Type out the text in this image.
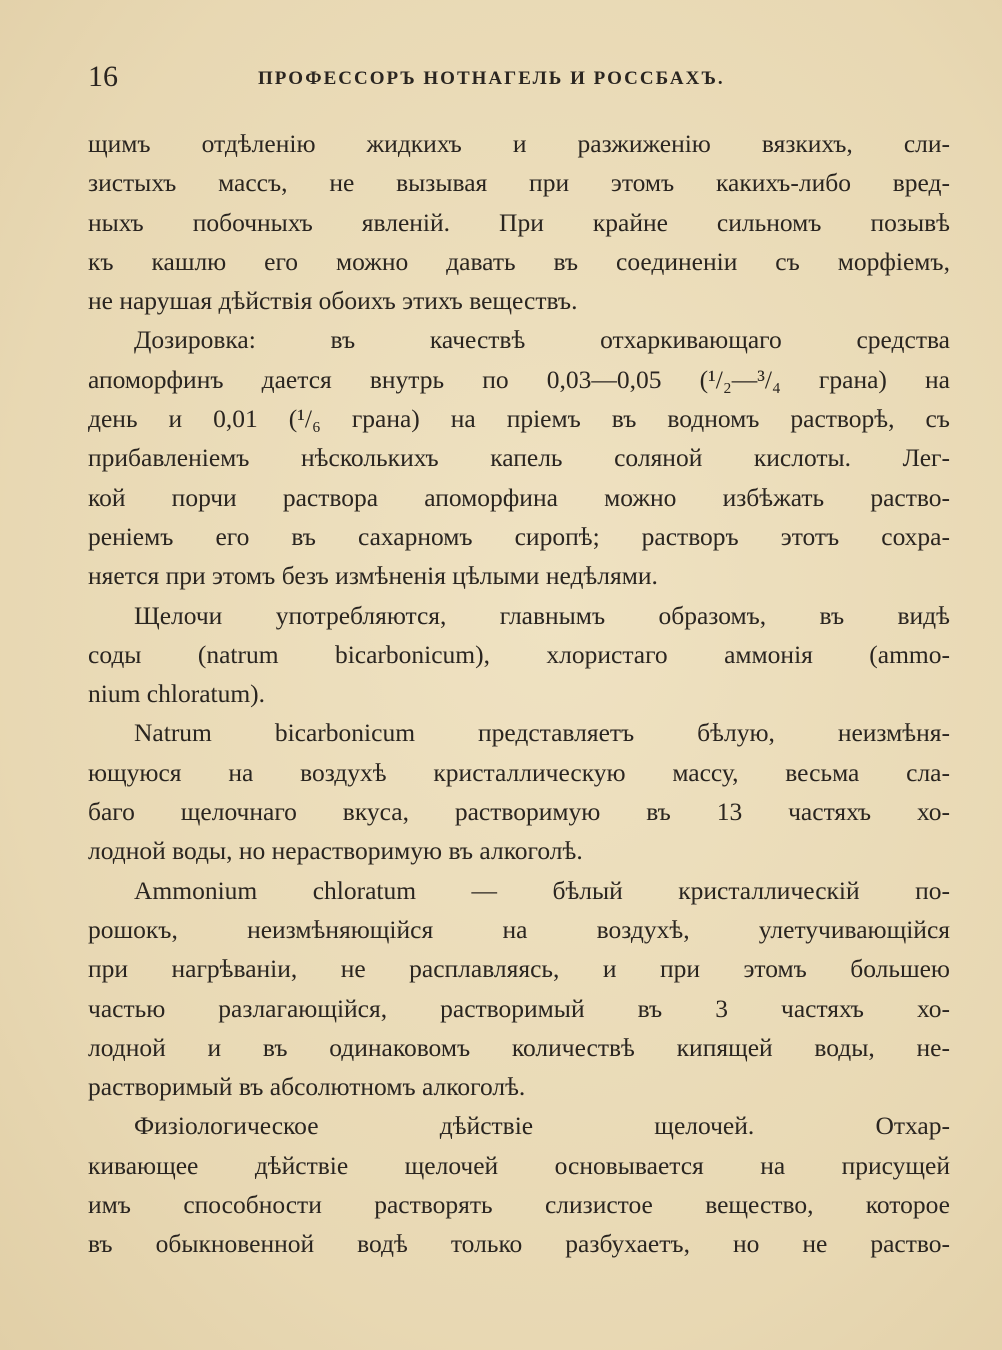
16	ПРОФЕССОРЪ НОТНАГЕЛЬ И РОССБАХЪ.
щимъ отдѣленію жидкихъ и разжиженію вязкихъ, сли-
зистыхъ массъ, не вызывая при этомъ какихъ-либо вред-
ныхъ побочныхъ явленій. При крайне сильномъ позывѣ
къ кашлю его можно давать въ соединеніи съ морфіемъ,
не нарушая дѣйствія обоихъ этихъ веществъ.
Дозировка: въ качествѣ отхаркивающаго средства
апоморфинъ дается внутрь по 0,03—0,05 (¹/₂—³/₄ грана) на
день и 0,01 (¹/₆ грана) на пріемъ въ водномъ растворѣ, съ
прибавленіемъ нѣсколькихъ капель соляной кислоты. Лег-
кой порчи раствора апоморфина можно избѣжать раство-
реніемъ его въ сахарномъ сиропѣ; растворъ этотъ сохра-
няется при этомъ безъ измѣненія цѣлыми недѣлями.
Щелочи употребляются, главнымъ образомъ, въ видѣ
соды (natrum bicarbonicum), хлористаго аммонія (ammo-
nium chloratum).
Natrum bicarbonicum представляетъ бѣлую, неизмѣня-
ющуюся на воздухѣ кристаллическую массу, весьма сла-
баго щелочнаго вкуса, растворимую въ 13 частяхъ хо-
лодной воды, но нерастворимую въ алкоголѣ.
Ammonium chloratum — бѣлый кристаллическій по-
рошокъ, неизмѣняющійся на воздухѣ, улетучивающійся
при нагрѣваніи, не расплавляясь, и при этомъ большею
частью разлагающійся, растворимый въ 3 частяхъ хо-
лодной и въ одинаковомъ количествѣ кипящей воды, не-
растворимый въ абсолютномъ алкоголѣ.
Физіологическое дѣйствіе щелочей. Отхар-
кивающее дѣйствіе щелочей основывается на присущей
имъ способности растворять слизистое вещество, которое
въ обыкновенной водѣ только разбухаетъ, но не раство-
